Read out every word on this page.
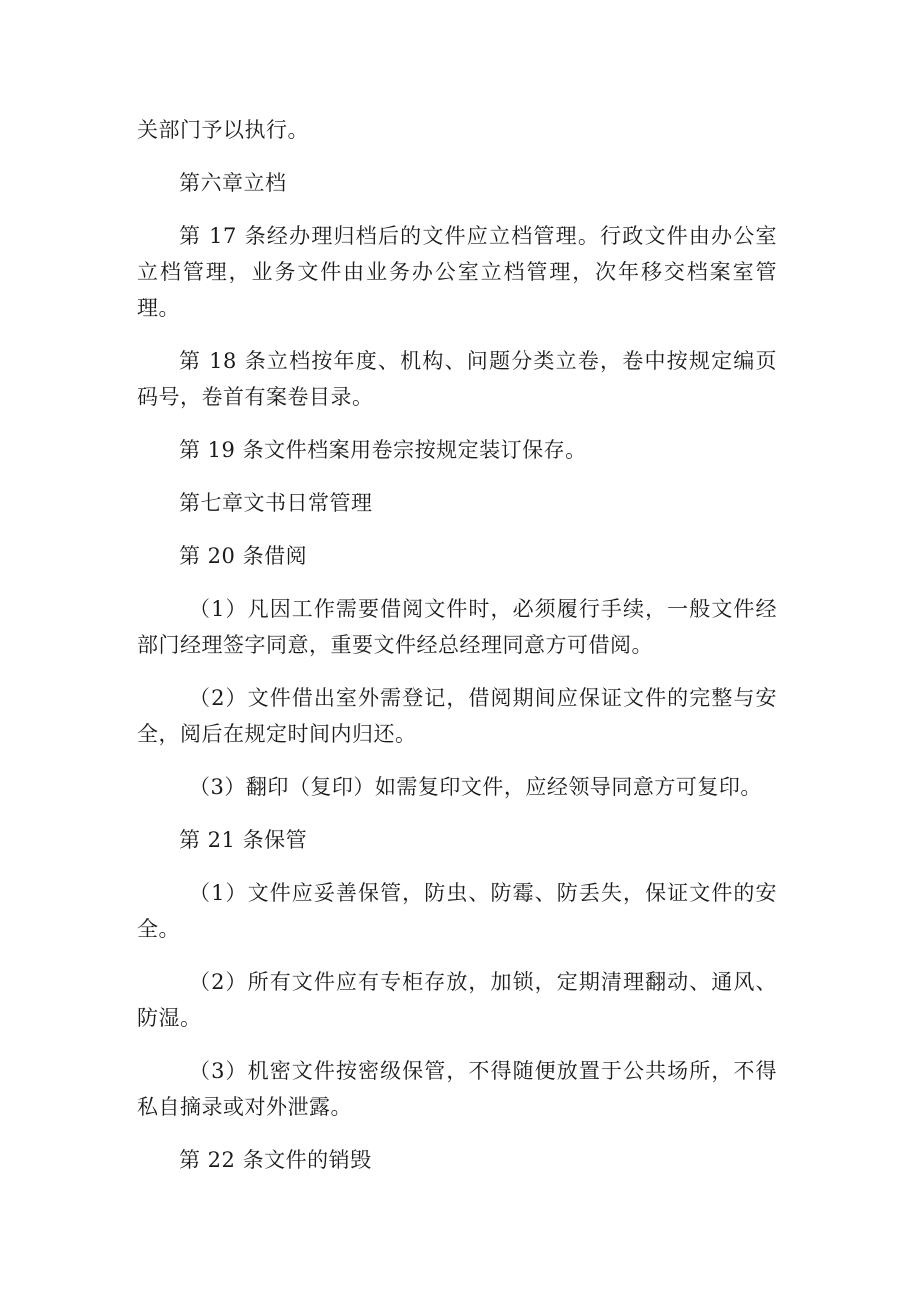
关部门予以执行。

第六章立档

第 17 条经办理归档后的文件应立档管理。行政文件由办公室立档管理，业务文件由业务办公室立档管理，次年移交档案室管理。

第 18 条立档按年度、机构、问题分类立卷，卷中按规定编页码号，卷首有案卷目录。

第 19 条文件档案用卷宗按规定装订保存。

第七章文书日常管理

第 20 条借阅

（1）凡因工作需要借阅文件时，必须履行手续，一般文件经部门经理签字同意，重要文件经总经理同意方可借阅。

（2）文件借出室外需登记，借阅期间应保证文件的完整与安全，阅后在规定时间内归还。

（3）翻印（复印）如需复印文件，应经领导同意方可复印。

第 21 条保管

（1）文件应妥善保管，防虫、防霉、防丢失，保证文件的安全。

（2）所有文件应有专柜存放，加锁，定期清理翻动、通风、防湿。

（3）机密文件按密级保管，不得随便放置于公共场所，不得私自摘录或对外泄露。

第 22 条文件的销毁
